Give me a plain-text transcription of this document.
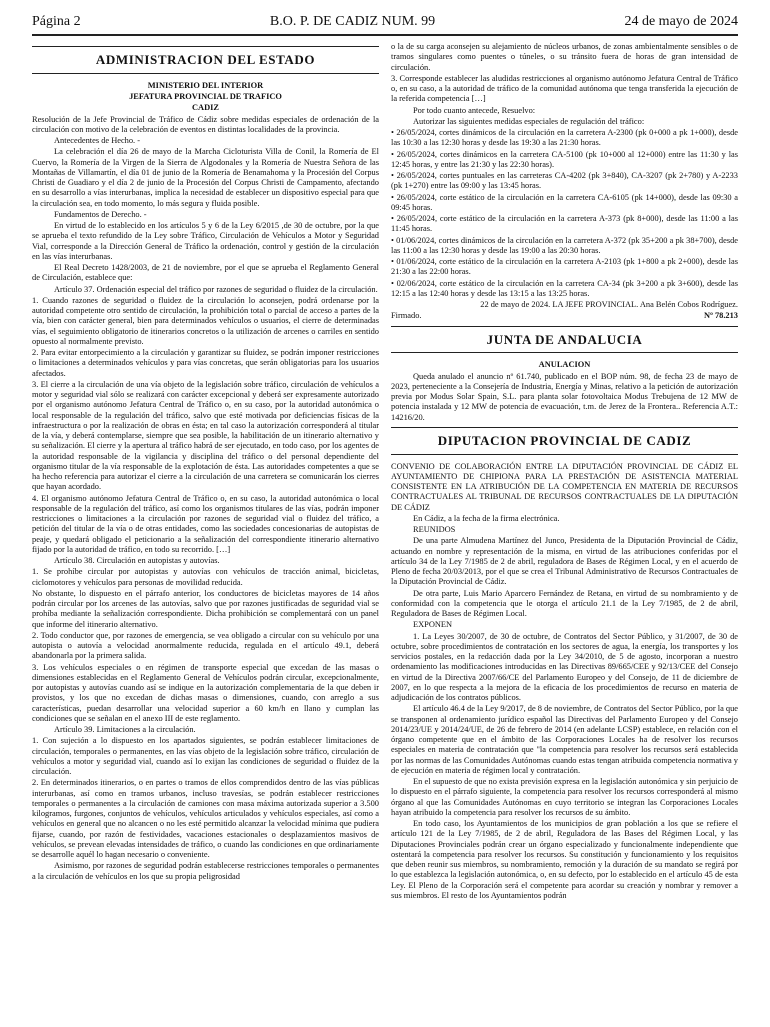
Página 2	B.O. P. DE CADIZ NUM. 99	24 de mayo de 2024
ADMINISTRACION DEL ESTADO

MINISTERIO DEL INTERIOR

JEFATURA PROVINCIAL DE TRAFICO

CADIZ

Resolución de la Jefe Provincial de Tráfico de Cádiz sobre medidas especiales de ordenación de la circulación con motivo de la celebración de eventos en distintas localidades de la provincia.

Antecedentes de Hecho. -

La celebración el día 26 de mayo de la Marcha Cicloturista Villa de Conil, la Romería de El Cuervo, la Romería de la Virgen de la Sierra de Algodonales y la Romería de Nuestra Señora de las Montañas de Villamartín, el día 01 de junio de la Romería de Benamahoma y la Procesión del Corpus Christi de Guadiaro y el día 2 de junio de la Procesión del Corpus Christi de Campamento, afectando en su desarrollo a vías interurbanas, implica la necesidad de establecer un dispositivo especial para que la circulación sea, en todo momento, lo más segura y fluida posible.

Fundamentos de Derecho. -

En virtud de lo establecido en los artículos 5 y 6 de la Ley 6/2015 ,de 30 de octubre, por la que se aprueba el texto refundido de la Ley sobre Tráfico, Circulación de Vehículos a Motor y Seguridad Vial, corresponde a la Dirección General de Tráfico la ordenación, control y gestión de la circulación en las vías interurbanas.

El Real Decreto 1428/2003, de 21 de noviembre, por el que se aprueba el Reglamento General de Circulación, establece que:

Artículo 37. Ordenación especial del tráfico por razones de seguridad o fluidez de la circulación.

1. Cuando razones de seguridad o fluidez de la circulación lo aconsejen, podrá ordenarse por la autoridad competente otro sentido de circulación, la prohibición total o parcial de acceso a partes de la vía, bien con carácter general, bien para determinados vehículos o usuarios, el cierre de determinadas vías, el seguimiento obligatorio de itinerarios concretos o la utilización de arcenes o carriles en sentido opuesto al normalmente previsto.

2. Para evitar entorpecimiento a la circulación y garantizar su fluidez, se podrán imponer restricciones o limitaciones a determinados vehículos y para vías concretas, que serán obligatorias para los usuarios afectados.

3. El cierre a la circulación de una vía objeto de la legislación sobre tráfico, circulación de vehículos a motor y seguridad vial sólo se realizará con carácter excepcional y deberá ser expresamente autorizado por el organismo autónomo Jefatura Central de Tráfico o, en su caso, por la autoridad autonómica o local responsable de la regulación del tráfico, salvo que esté motivada por deficiencias físicas de la infraestructura o por la realización de obras en ésta; en tal caso la autorización corresponderá al titular de la vía, y deberá contemplarse, siempre que sea posible, la habilitación de un itinerario alternativo y su señalización. El cierre y la apertura al tráfico habrá de ser ejecutado, en todo caso, por los agentes de la autoridad responsable de la vigilancia y disciplina del tráfico o del personal dependiente del organismo titular de la vía responsable de la explotación de ésta. Las autoridades competentes a que se ha hecho referencia para autorizar el cierre a la circulación de una carretera se comunicarán los cierres que hayan acordado.

4. El organismo autónomo Jefatura Central de Tráfico o, en su caso, la autoridad autonómica o local responsable de la regulación del tráfico, así como los organismos titulares de las vías, podrán imponer restricciones o limitaciones a la circulación por razones de seguridad vial o fluidez del tráfico, a petición del titular de la vía o de otras entidades, como las sociedades concesionarias de autopistas de peaje, y quedará obligado el peticionario a la señalización del correspondiente itinerario alternativo fijado por la autoridad de tráfico, en todo su recorrido. […]

Artículo 38. Circulación en autopistas y autovías.

1. Se prohíbe circular por autopistas y autovías con vehículos de tracción animal, bicicletas, ciclomotores y vehículos para personas de movilidad reducida.

No obstante, lo dispuesto en el párrafo anterior, los conductores de bicicletas mayores de 14 años podrán circular por los arcenes de las autovías, salvo que por razones justificadas de seguridad vial se prohíba mediante la señalización correspondiente. Dicha prohibición se complementará con un panel que informe del itinerario alternativo.

2. Todo conductor que, por razones de emergencia, se vea obligado a circular con su vehículo por una autopista o autovía a velocidad anormalmente reducida, regulada en el artículo 49.1, deberá abandonarla por la primera salida.

3. Los vehículos especiales o en régimen de transporte especial que excedan de las masas o dimensiones establecidas en el Reglamento General de Vehículos podrán circular, excepcionalmente, por autopistas y autovías cuando así se indique en la autorización complementaria de la que deben ir provistos, y los que no excedan de dichas masas o dimensiones, cuando, con arreglo a sus características, puedan desarrollar una velocidad superior a 60 km/h en llano y cumplan las condiciones que se señalan en el anexo III de este reglamento.

Artículo 39. Limitaciones a la circulación.

1. Con sujeción a lo dispuesto en los apartados siguientes, se podrán establecer limitaciones de circulación, temporales o permanentes, en las vías objeto de la legislación sobre tráfico, circulación de vehículos a motor y seguridad vial, cuando así lo exijan las condiciones de seguridad o fluidez de la circulación.

2. En determinados itinerarios, o en partes o tramos de ellos comprendidos dentro de las vías públicas interurbanas, así como en tramos urbanos, incluso travesías, se podrán establecer restricciones temporales o permanentes a la circulación de camiones con masa máxima autorizada superior a 3.500 kilogramos, furgones, conjuntos de vehículos, vehículos articulados y vehículos especiales, así como a vehículos en general que no alcancen o no les esté permitido alcanzar la velocidad mínima que pudiera fijarse, cuando, por razón de festividades, vacaciones estacionales o desplazamientos masivos de vehículos, se prevean elevadas intensidades de tráfico, o cuando las condiciones en que ordinariamente se desarrolle aquél lo hagan necesario o conveniente.

Asimismo, por razones de seguridad podrán establecerse restricciones temporales o permanentes a la circulación de vehículos en los que su propia peligrosidad

o la de su carga aconsejen su alejamiento de núcleos urbanos, de zonas ambientalmente sensibles o de tramos singulares como puentes o túneles, o su tránsito fuera de horas de gran intensidad de circulación.

3. Corresponde establecer las aludidas restricciones al organismo autónomo Jefatura Central de Tráfico o, en su caso, a la autoridad de tráfico de la comunidad autónoma que tenga transferida la ejecución de la referida competencia […]

Por todo cuanto antecede, Resuelvo:

Autorizar las siguientes medidas especiales de regulación del tráfico:

• 26/05/2024, cortes dinámicos de la circulación en la carretera A-2300 (pk 0+000 a pk 1+000), desde las 10:30 a las 12:30 horas y desde las 19:30 a las 21:30 horas.

• 26/05/2024, cortes dinámicos en la carretera CA-5100 (pk 10+000 al 12+000) entre las 11:30 y las 12:45 horas, y entre las 21:30 y las 22:30 horas).

• 26/05/2024, cortes puntuales en las carreteras CA-4202 (pk 3+840), CA-3207 (pk 2+780) y A-2233 (pk 1+270) entre las 09:00 y las 13:45 horas.

• 26/05/2024, corte estático de la circulación en la carretera CA-6105 (pk 14+000), desde las 09:30 a 09:45 horas.

• 26/05/2024, corte estático de la circulación en la carretera A-373 (pk 8+000), desde las 11:00 a las 11:45 horas.

• 01/06/2024, cortes dinámicos de la circulación en la carretera A-372 (pk 35+200 a pk 38+700), desde las 11:00 a las 12:30 horas y desde las 19:00 a las 20:30 horas.

• 01/06/2024, corte estático de la circulación en la carretera A-2103 (pk 1+800 a pk 2+000), desde las 21:30 a las 22:00 horas.

• 02/06/2024, corte estático de la circulación en la carretera CA-34 (pk 3+200 a pk 3+600), desde las 12:15 a las 12:40 horas y desde las 13:15 a las 13:25 horas.

22 de mayo de 2024. LA JEFE PROVINCIAL. Ana Belén Cobos Rodríguez.

Firmado.	Nº 78.213
JUNTA DE ANDALUCIA

ANULACION

Queda anulado el anuncio nº 61.740, publicado en el BOP núm. 98, de fecha 23 de mayo de 2023, perteneciente a la Consejería de Industria, Energía y Minas, relativo a la petición de autorización previa por Modus Solar Spain, S.L. para planta solar fotovoltaica Modus Trebujena de 12 MW de potencia instalada y 12 MW de potencia de evacuación, t.m. de Jerez de la Frontera.. Referencia A.T.: 14216/20.

DIPUTACION PROVINCIAL DE CADIZ

CONVENIO DE COLABORACIÓN ENTRE LA DIPUTACIÓN PROVINCIAL DE CÁDIZ EL AYUNTAMIENTO DE CHIPIONA PARA LA PRESTACIÓN DE ASISTENCIA MATERIAL CONSISTENTE EN LA ATRIBUCIÓN DE LA COMPETENCIA EN MATERIA DE RECURSOS CONTRACTUALES AL TRIBUNAL DE RECURSOS CONTRACTUALES DE LA DIPUTACIÓN DE CÁDIZ

En Cádiz, a la fecha de la firma electrónica.

REUNIDOS

De una parte Almudena Martínez del Junco, Presidenta de la Diputación Provincial de Cádiz, actuando en nombre y representación de la misma, en virtud de las atribuciones conferidas por el artículo 34 de la Ley 7/1985 de 2 de abril, reguladora de Bases de Régimen Local, y en el acuerdo de Pleno de fecha 20/03/2013, por el que se crea el Tribunal Administrativo de Recursos Contractuales de la Diputación Provincial de Cádiz.

De otra parte, Luis Mario Aparcero Fernández de Retana, en virtud de su nombramiento y de conformidad con la competencia que le otorga el artículo 21.1 de la Ley 7/1985, de 2 de abril, Reguladora de Bases de Régimen Local.

EXPONEN

1. La Leyes 30/2007, de 30 de octubre, de Contratos del Sector Público, y 31/2007, de 30 de octubre, sobre procedimientos de contratación en los sectores de agua, la energía, los transportes y los servicios postales, en la redacción dada por la Ley 34/2010, de 5 de agosto, incorporan a nuestro ordenamiento las modificaciones introducidas en las Directivas 89/665/CEE y 92/13/CEE del Consejo en virtud de la Directiva 2007/66/CE del Parlamento Europeo y del Consejo, de 11 de diciembre de 2007, en lo que respecta a la mejora de la eficacia de los procedimientos de recurso en materia de adjudicación de los contratos públicos.

El artículo 46.4 de la Ley 9/2017, de 8 de noviembre, de Contratos del Sector Público, por la que se transponen al ordenamiento jurídico español las Directivas del Parlamento Europeo y del Consejo 2014/23/UE y 2014/24/UE, de 26 de febrero de 2014 (en adelante LCSP) establece, en relación con el órgano competente que en el ámbito de las Corporaciones Locales ha de resolver los recursos especiales en materia de contratación que "la competencia para resolver los recursos será establecida por las normas de las Comunidades Autónomas cuando estas tengan atribuida competencia normativa y de ejecución en materia de régimen local y contratación.

En el supuesto de que no exista previsión expresa en la legislación autonómica y sin perjuicio de lo dispuesto en el párrafo siguiente, la competencia para resolver los recursos corresponderá al mismo órgano al que las Comunidades Autónomas en cuyo territorio se integran las Corporaciones Locales hayan atribuido la competencia para resolver los recursos de su ámbito.

En todo caso, los Ayuntamientos de los municipios de gran población a los que se refiere el artículo 121 de la Ley 7/1985, de 2 de abril, Reguladora de las Bases del Régimen Local, y las Diputaciones Provinciales podrán crear un órgano especializado y funcionalmente independiente que ostentará la competencia para resolver los recursos. Su constitución y funcionamiento y los requisitos que deben reunir sus miembros, su nombramiento, remoción y la duración de su mandato se regirá por lo que establezca la legislación autonómica, o, en su defecto, por lo establecido en el artículo 45 de esta Ley. El Pleno de la Corporación será el competente para acordar su creación y nombrar y remover a sus miembros. El resto de los Ayuntamientos podrán
